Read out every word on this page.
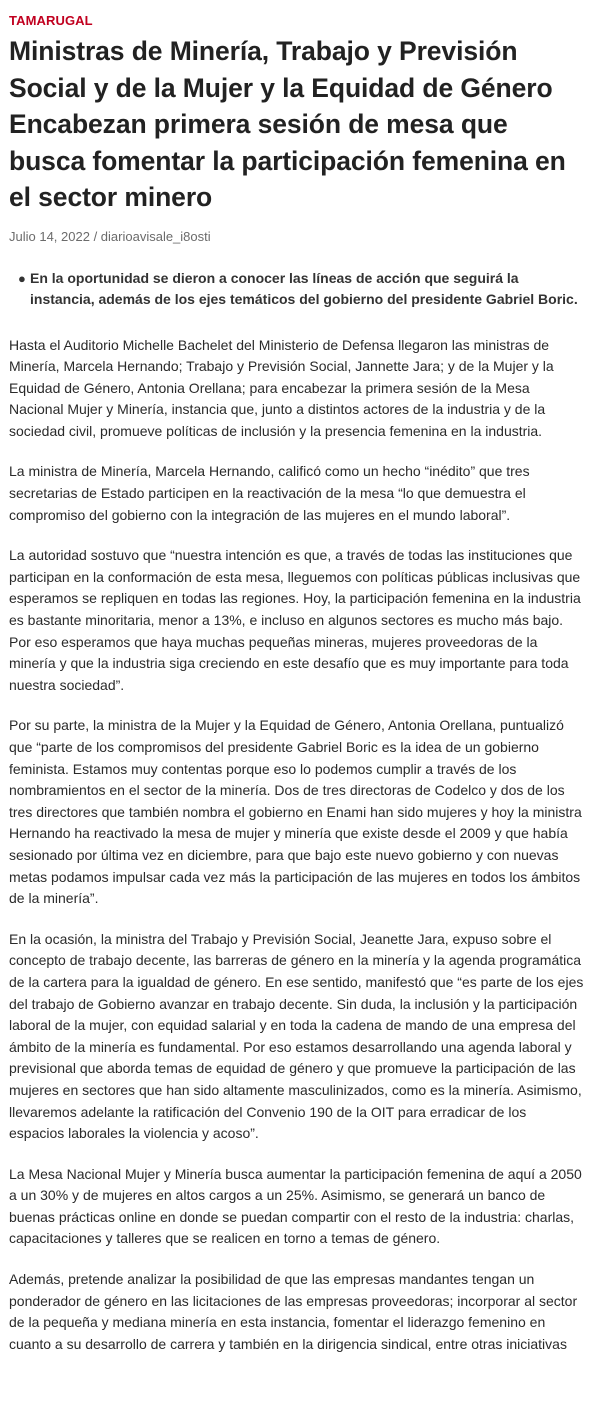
TAMARUGAL
Ministras de Minería, Trabajo y Previsión Social y de la Mujer y la Equidad de Género Encabezan primera sesión de mesa que busca fomentar la participación femenina en el sector minero
Julio 14, 2022 / diarioavisale_i8osti
● En la oportunidad se dieron a conocer las líneas de acción que seguirá la instancia, además de los ejes temáticos del gobierno del presidente Gabriel Boric.

Hasta el Auditorio Michelle Bachelet del Ministerio de Defensa llegaron las ministras de Minería, Marcela Hernando; Trabajo y Previsión Social, Jannette Jara; y de la Mujer y la Equidad de Género, Antonia Orellana; para encabezar la primera sesión de la Mesa Nacional Mujer y Minería, instancia que, junto a distintos actores de la industria y de la sociedad civil, promueve políticas de inclusión y la presencia femenina en la industria.

La ministra de Minería, Marcela Hernando, calificó como un hecho “inédito” que tres secretarias de Estado participen en la reactivación de la mesa “lo que demuestra el compromiso del gobierno con la integración de las mujeres en el mundo laboral”.

La autoridad sostuvo que “nuestra intención es que, a través de todas las instituciones que participan en la conformación de esta mesa, lleguemos con políticas públicas inclusivas que esperamos se repliquen en todas las regiones. Hoy, la participación femenina en la industria es bastante minoritaria, menor a 13%, e incluso en algunos sectores es mucho más bajo. Por eso esperamos que haya muchas pequeñas mineras, mujeres proveedoras de la minería y que la industria siga creciendo en este desafío que es muy importante para toda nuestra sociedad”.

Por su parte, la ministra de la Mujer y la Equidad de Género, Antonia Orellana, puntualizó que “parte de los compromisos del presidente Gabriel Boric es la idea de un gobierno feminista. Estamos muy contentas porque eso lo podemos cumplir a través de los nombramientos en el sector de la minería. Dos de tres directoras de Codelco y dos de los tres directores que también nombra el gobierno en Enami han sido mujeres y hoy la ministra Hernando ha reactivado la mesa de mujer y minería que existe desde el 2009 y que había sesionado por última vez en diciembre, para que bajo este nuevo gobierno y con nuevas metas podamos impulsar cada vez más la participación de las mujeres en todos los ámbitos de la minería”.

En la ocasión, la ministra del Trabajo y Previsión Social, Jeanette Jara, expuso sobre el concepto de trabajo decente, las barreras de género en la minería y la agenda programática de la cartera para la igualdad de género. En ese sentido, manifestó que “es parte de los ejes del trabajo de Gobierno avanzar en trabajo decente. Sin duda, la inclusión y la participación laboral de la mujer, con equidad salarial y en toda la cadena de mando de una empresa del ámbito de la minería es fundamental. Por eso estamos desarrollando una agenda laboral y previsional que aborda temas de equidad de género y que promueve la participación de las mujeres en sectores que han sido altamente masculinizados, como es la minería. Asimismo, llevaremos adelante la ratificación del Convenio 190 de la OIT para erradicar de los espacios laborales la violencia y acoso”.

La Mesa Nacional Mujer y Minería busca aumentar la participación femenina de aquí a 2050 a un 30% y de mujeres en altos cargos a un 25%. Asimismo, se generará un banco de buenas prácticas online en donde se puedan compartir con el resto de la industria: charlas, capacitaciones y talleres que se realicen en torno a temas de género.

Además, pretende analizar la posibilidad de que las empresas mandantes tengan un ponderador de género en las licitaciones de las empresas proveedoras; incorporar al sector de la pequeña y mediana minería en esta instancia, fomentar el liderazgo femenino en cuanto a su desarrollo de carrera y también en la dirigencia sindical, entre otras iniciativas
